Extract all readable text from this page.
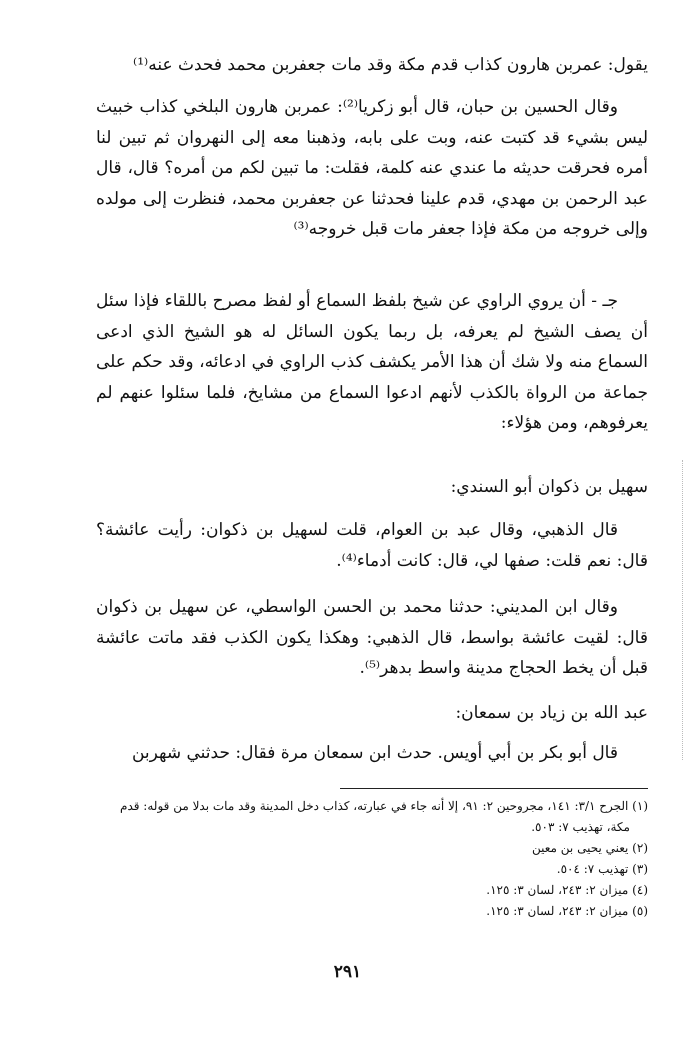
يقول: عمربن هارون كذاب قدم مكة وقد مات جعفربن محمد فحدث عنه⁽¹⁾

وقال الحسين بن حبان، قال أبو زكريا⁽²⁾: عمربن هارون البلخي كذاب خبيث ليس بشيء قد كتبت عنه، وبت على بابه، وذهبنا معه إلى النهروان ثم تبين لنا أمره فحرقت حديثه ما عندي عنه كلمة، فقلت: ما تبين لكم من أمره؟ قال، قال عبد الرحمن بن مهدي، قدم علينا فحدثنا عن جعفربن محمد، فنظرت إلى مولده وإلى خروجه من مكة فإذا جعفر مات قبل خروجه⁽³⁾

جـ - أن يروي الراوي عن شيخ بلفظ السماع أو لفظ مصرح باللقاء فإذا سئل أن يصف الشيخ لم يعرفه، بل ربما يكون السائل له هو الشيخ الذي ادعى السماع منه ولا شك أن هذا الأمر يكشف كذب الراوي في ادعائه، وقد حكم على جماعة من الرواة بالكذب لأنهم ادعوا السماع من مشايخ، فلما سئلوا عنهم لم يعرفوهم، ومن هؤلاء:

سهيل بن ذكوان أبو السندي:

قال الذهبي، وقال عبد بن العوام، قلت لسهيل بن ذكوان: رأيت عائشة؟ قال: نعم قلت: صفها لي، قال: كانت أدماء⁽⁴⁾.

وقال ابن المديني: حدثنا محمد بن الحسن الواسطي، عن سهيل بن ذكوان قال: لقيت عائشة بواسط، قال الذهبي: وهكذا يكون الكذب فقد ماتت عائشة قبل أن يخط الحجاج مدينة واسط بدهر⁽⁵⁾.

عبد الله بن زياد بن سمعان:

قال أبو بكر بن أبي أويس. حدث ابن سمعان مرة فقال: حدثني شهربن

(١) الجرح ٣/١: ١٤١، مجروحين ٢: ٩١، إلا أنه جاء في عبارته، كذاب دخل المدينة وقد مات بدلا من قوله: قدم

مكة، تهذيب ٧: ٥٠٣.

(٢) يعني يحيى بن معين

(٣) تهذيب ٧: ٥٠٤.

(٤) ميزان ٢: ٢٤٣، لسان ٣: ١٢٥.

(٥) ميزان ٢: ٢٤٣، لسان ٣: ١٢٥.

٢٩١
